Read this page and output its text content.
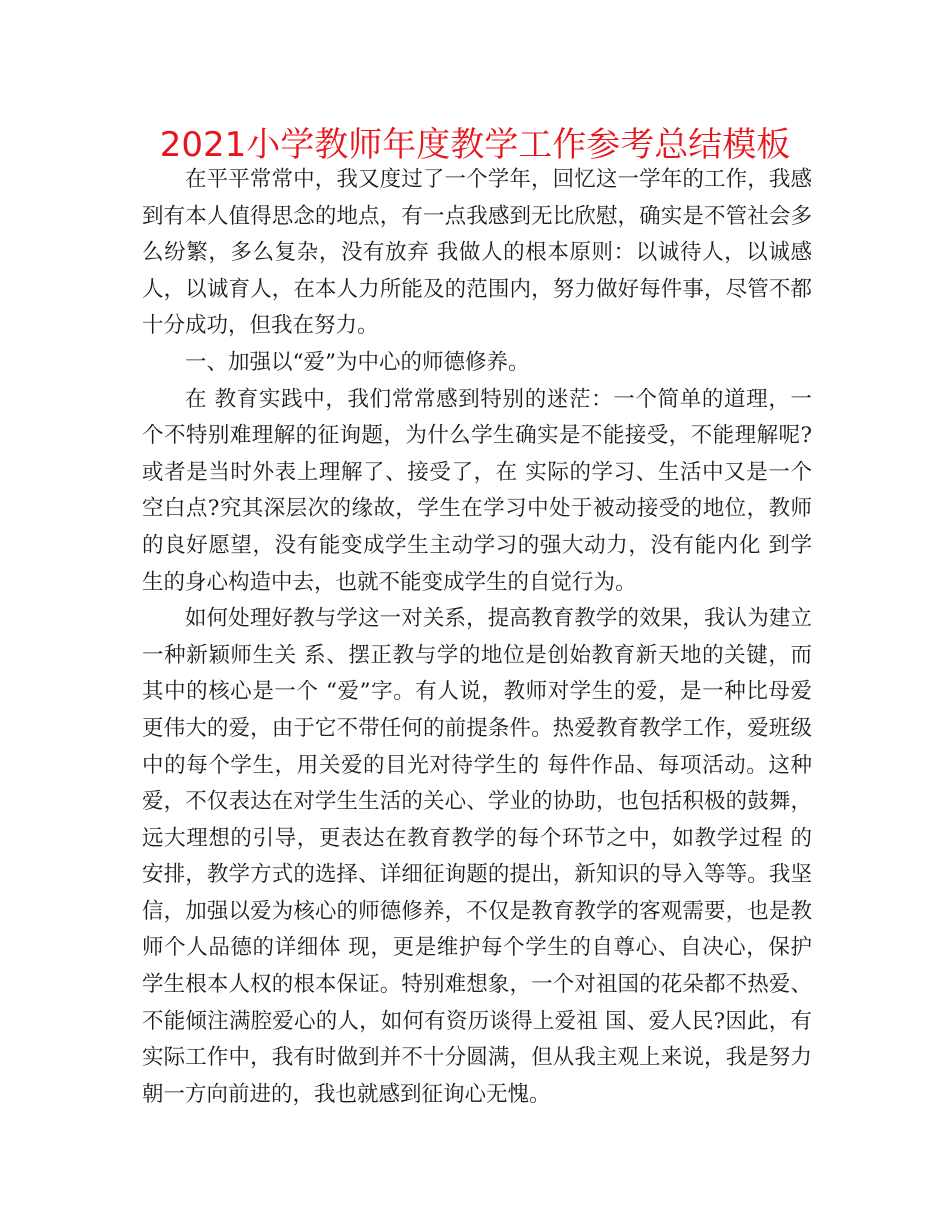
2021小学教师年度教学工作参考总结模板

在平平常常中，我又度过了一个学年，回忆这一学年的工作，我感到有本人值得思念的地点，有一点我感到无比欣慰，确实是不管社会多么纷繁，多么复杂，没有放弃 我做人的根本原则：以诚待人，以诚感人，以诚育人，在本人力所能及的范围内，努力做好每件事，尽管不都十分成功，但我在努力。

一、加强以“爱”为中心的师德修养。

在 教育实践中，我们常常感到特别的迷茫：一个简单的道理，一个不特别难理解的征询题，为什么学生确实是不能接受，不能理解呢?或者是当时外表上理解了、接受了，在 实际的学习、生活中又是一个空白点?究其深层次的缘故，学生在学习中处于被动接受的地位，教师的良好愿望，没有能变成学生主动学习的强大动力，没有能内化 到学生的身心构造中去，也就不能变成学生的自觉行为。

如何处理好教与学这一对关系，提高教育教学的效果，我认为建立一种新颖师生关 系、摆正教与学的地位是创始教育新天地的关键，而其中的核心是一个 “爱”字。有人说，教师对学生的爱，是一种比母爱更伟大的爱，由于它不带任何的前提条件。热爱教育教学工作，爱班级中的每个学生，用关爱的目光对待学生的 每件作品、每项活动。这种爱，不仅表达在对学生生活的关心、学业的协助，也包括积极的鼓舞，远大理想的引导，更表达在教育教学的每个环节之中，如教学过程 的安排，教学方式的选择、详细征询题的提出，新知识的导入等等。我坚信，加强以爱为核心的师德修养，不仅是教育教学的客观需要，也是教师个人品德的详细体 现，更是维护每个学生的自尊心、自决心，保护学生根本人权的根本保证。特别难想象，一个对祖国的花朵都不热爱、不能倾注满腔爱心的人，如何有资历谈得上爱祖 国、爱人民?因此，有实际工作中，我有时做到并不十分圆满，但从我主观上来说，我是努力朝一方向前进的，我也就感到征询心无愧。
